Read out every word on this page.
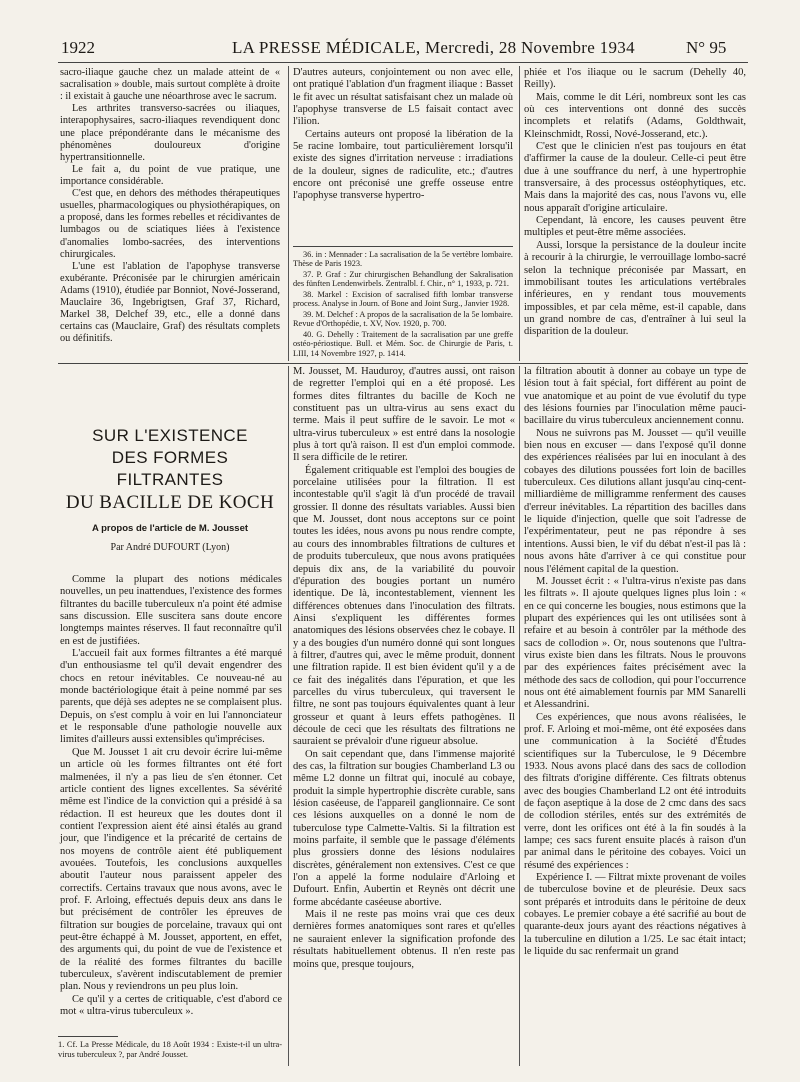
1922	LA PRESSE MÉDICALE, Mercredi, 28 Novembre 1934	N° 95

sacro-iliaque gauche chez un malade atteint de « sacralisation » double, mais surtout complète à droite : il existait à gauche une néoarthrose avec le sacrum.

Les arthrites transverso-sacrées ou iliaques, interapophysaires, sacro-iliaques revendiquent donc une place prépondérante dans le mécanisme des phénomènes douloureux d'origine hypertransitionnelle.

Le fait a, du point de vue pratique, une importance considérable.

C'est que, en dehors des méthodes thérapeutiques usuelles, pharmacologiques ou physiothérapiques, on a proposé, dans les formes rebelles et récidivantes de lumbagos ou de sciatiques liées à l'existence d'anomalies lombo-sacrées, des interventions chirurgicales.

L'une est l'ablation de l'apophyse transverse exubérante. Préconisée par le chirurgien américain Adams (1910), étudiée par Bonniot, Nové-Josserand, Mauclaire 36, Ingebrigtsen, Graf 37, Richard, Markel 38, Delchef 39, etc., elle a donné dans certains cas (Mauclaire, Graf) des résultats complets ou définitifs.

D'autres auteurs, conjointement ou non avec elle, ont pratiqué l'ablation d'un fragment iliaque : Basset le fit avec un résultat satisfaisant chez un malade où l'apophyse transverse de L5 faisait contact avec l'ilion.

Certains auteurs ont proposé la libération de la 5e racine lombaire, tout particulièrement lorsqu'il existe des signes d'irritation nerveuse : irradiations de la douleur, signes de radiculite, etc.; d'autres encore ont préconisé une greffe osseuse entre l'apophyse transverse hypertro-

36. in : Mennader : La sacralisation de la 5e vertèbre lombaire. Thèse de Paris 1923.

37. P. Graf : Zur chirurgischen Behandlung der Sakralisation des fünften Lendenwirbels. Zentralbl. f. Chir., n° 1, 1933, p. 721.

38. Markel : Excision of sacralised fifth lombar transverse process. Analyse in Journ. of Bone and Joint Surg., Janvier 1928.

39. M. Delchef : A propos de la sacralisation de la 5e lombaire. Revue d'Orthopédie, t. XV, Nov. 1920, p. 700.

40. G. Dehelly : Traitement de la sacralisation par une greffe ostéo-périostique. Bull. et Mém. Soc. de Chirurgie de Paris, t. LIII, 14 Novembre 1927, p. 1414.

phiée et l'os iliaque ou le sacrum (Dehelly 40, Reilly).

Mais, comme le dit Léri, nombreux sont les cas où ces interventions ont donné des succès incomplets et relatifs (Adams, Goldthwait, Kleinschmidt, Rossi, Nové-Josserand, etc.).

C'est que le clinicien n'est pas toujours en état d'affirmer la cause de la douleur. Celle-ci peut être due à une souffrance du nerf, à une hypertrophie transversaire, à des processus ostéophytiques, etc. Mais dans la majorité des cas, nous l'avons vu, elle nous apparaît d'origine articulaire.

Cependant, là encore, les causes peuvent être multiples et peut-être même associées.

Aussi, lorsque la persistance de la douleur incite à recourir à la chirurgie, le verrouillage lombo-sacré selon la technique préconisée par Massart, en immobilisant toutes les articulations vertébrales inférieures, en y rendant tous mouvements impossibles, et par cela même, est-il capable, dans un grand nombre de cas, d'entraîner à lui seul la disparition de la douleur.

SUR L'EXISTENCE
DES FORMES FILTRANTES
DU BACILLE DE KOCH
A propos de l'article de M. Jousset
Par André DUFOURT (Lyon)

Comme la plupart des notions médicales nouvelles, un peu inattendues, l'existence des formes filtrantes du bacille tuberculeux n'a point été admise sans discussion. Elle suscitera sans doute encore longtemps maintes réserves. Il faut reconnaître qu'il en est de justifiées.

L'accueil fait aux formes filtrantes a été marqué d'un enthousiasme tel qu'il devait engendrer des chocs en retour inévitables. Ce nouveau-né au monde bactériologique était à peine nommé par ses parents, que déjà ses adeptes ne se complaisent plus. Depuis, on s'est complu à voir en lui l'annonciateur et le responsable d'une pathologie nouvelle aux limites d'ailleurs aussi extensibles qu'imprécises.

Que M. Jousset 1 ait cru devoir écrire lui-même un article où les formes filtrantes ont été fort malmenées, il n'y a pas lieu de s'en étonner. Cet article contient des lignes excellentes. Sa sévérité même est l'indice de la conviction qui a présidé à sa rédaction. Il est heureux que les doutes dont il contient l'expression aient été ainsi étalés au grand jour, que l'indigence et la précarité de certains de nos moyens de contrôle aient été publiquement avouées. Toutefois, les conclusions auxquelles aboutit l'auteur nous paraissent appeler des correctifs. Certains travaux que nous avons, avec le prof. F. Arloing, effectués depuis deux ans dans le but précisément de contrôler les épreuves de filtration sur bougies de porcelaine, travaux qui ont peut-être échappé à M. Jousset, apportent, en effet, des arguments qui, du point de vue de l'existence et de la réalité des formes filtrantes du bacille tuberculeux, s'avèrent indiscutablement de premier plan. Nous y reviendrons un peu plus loin.

Ce qu'il y a certes de critiquable, c'est d'abord ce mot « ultra-virus tuberculeux ».

1. Cf. La Presse Médicale, du 18 Août 1934 : Existe-t-il un ultra-virus tuberculeux ?, par André Jousset.

M. Jousset, M. Hauduroy, d'autres aussi, ont raison de regretter l'emploi qui en a été proposé. Les formes dites filtrantes du bacille de Koch ne constituent pas un ultra-virus au sens exact du terme. Mais il peut suffire de le savoir. Le mot « ultra-virus tuberculeux » est entré dans la nosologie plus à tort qu'à raison. Il est d'un emploi commode. Il sera difficile de le retirer.

Également critiquable est l'emploi des bougies de porcelaine utilisées pour la filtration. Il est incontestable qu'il s'agit là d'un procédé de travail grossier. Il donne des résultats variables. Aussi bien que M. Jousset, dont nous acceptons sur ce point toutes les idées, nous avons pu nous rendre compte, au cours des innombrables filtrations de cultures et de produits tuberculeux, que nous avons pratiquées depuis dix ans, de la variabilité du pouvoir d'épuration des bougies portant un numéro identique. De là, incontestablement, viennent les différences obtenues dans l'inoculation des filtrats. Ainsi s'expliquent les différentes formes anatomiques des lésions observées chez le cobaye. Il y a des bougies d'un numéro donné qui sont longues à filtrer, d'autres qui, avec le même produit, donnent une filtration rapide. Il est bien évident qu'il y a de ce fait des inégalités dans l'épuration, et que les parcelles du virus tuberculeux, qui traversent le filtre, ne sont pas toujours équivalentes quant à leur grosseur et quant à leurs effets pathogènes. Il découle de ceci que les résultats des filtrations ne sauraient se prévaloir d'une rigueur absolue.

On sait cependant que, dans l'immense majorité des cas, la filtration sur bougies Chamberland L3 ou même L2 donne un filtrat qui, inoculé au cobaye, produit la simple hypertrophie discrète curable, sans lésion caséeuse, de l'appareil ganglionnaire. Ce sont ces lésions auxquelles on a donné le nom de tuberculose type Calmette-Valtis. Si la filtration est moins parfaite, il semble que le passage d'éléments plus grossiers donne des lésions nodulaires discrètes, généralement non extensives. C'est ce que l'on a appelé la forme nodulaire d'Arloing et Dufourt. Enfin, Aubertin et Reynès ont décrit une forme abcédante caséeuse abortive.

Mais il ne reste pas moins vrai que ces deux dernières formes anatomiques sont rares et qu'elles ne sauraient enlever la signification profonde des résultats habituellement obtenus. Il n'en reste pas moins que, presque toujours,

la filtration aboutit à donner au cobaye un type de lésion tout à fait spécial, fort différent au point de vue anatomique et au point de vue évolutif du type des lésions fournies par l'inoculation même pauci-bacillaire du virus tuberculeux anciennement connu.

Nous ne suivrons pas M. Jousset — qu'il veuille bien nous en excuser — dans l'exposé qu'il donne des expériences réalisées par lui en inoculant à des cobayes des dilutions poussées fort loin de bacilles tuberculeux. Ces dilutions allant jusqu'au cinq-cent-milliardième de milligramme renferment des causes d'erreur inévitables. La répartition des bacilles dans le liquide d'injection, quelle que soit l'adresse de l'expérimentateur, peut ne pas répondre à ses intentions. Aussi bien, le vif du débat n'est-il pas là : nous avons hâte d'arriver à ce qui constitue pour nous l'élément capital de la question.

M. Jousset écrit : « l'ultra-virus n'existe pas dans les filtrats ». Il ajoute quelques lignes plus loin : « en ce qui concerne les bougies, nous estimons que la plupart des expériences qui les ont utilisées sont à refaire et au besoin à contrôler par la méthode des sacs de collodion ». Or, nous soutenons que l'ultra-virus existe bien dans les filtrats. Nous le prouvons par des expériences faites précisément avec la méthode des sacs de collodion, qui pour l'occurrence nous ont été aimablement fournis par MM Sanarelli et Alessandrini.

Ces expériences, que nous avons réalisées, le prof. F. Arloing et moi-même, ont été exposées dans une communication à la Société d'Études scientifiques sur la Tuberculose, le 9 Décembre 1933. Nous avons placé dans des sacs de collodion des filtrats d'origine différente. Ces filtrats obtenus avec des bougies Chamberland L2 ont été introduits de façon aseptique à la dose de 2 cmc dans des sacs de collodion stériles, entés sur des extrémités de verre, dont les orifices ont été à la fin soudés à la lampe; ces sacs furent ensuite placés à raison d'un par animal dans le péritoine des cobayes. Voici un résumé des expériences :

Expérience I. — Filtrat mixte provenant de voiles de tuberculose bovine et de pleurésie. Deux sacs sont préparés et introduits dans le péritoine de deux cobayes. Le premier cobaye a été sacrifié au bout de quarante-deux jours ayant des réactions négatives à la tuberculine en dilution a 1/25. Le sac était intact; le liquide du sac renfermait un grand
